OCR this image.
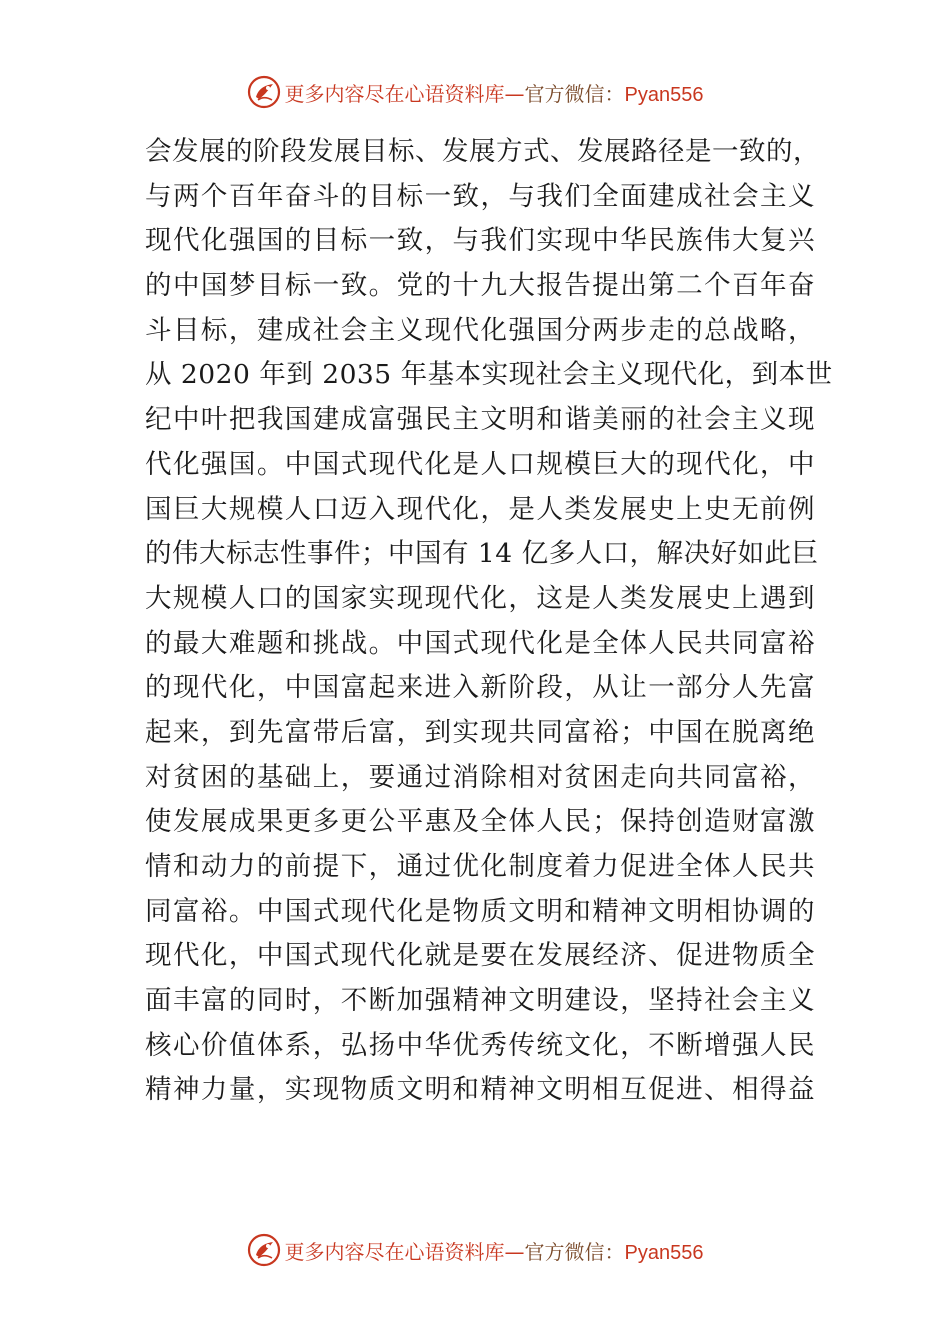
更多内容尽在心语资料库—官方微信：Pyan556
会发展的阶段发展目标、发展方式、发展路径是一致的，
与两个百年奋斗的目标一致，与我们全面建成社会主义
现代化强国的目标一致，与我们实现中华民族伟大复兴
的中国梦目标一致。党的十九大报告提出第二个百年奋
斗目标，建成社会主义现代化强国分两步走的总战略，
从 2020 年到 2035 年基本实现社会主义现代化，到本世
纪中叶把我国建成富强民主文明和谐美丽的社会主义现
代化强国。中国式现代化是人口规模巨大的现代化，中
国巨大规模人口迈入现代化，是人类发展史上史无前例
的伟大标志性事件；中国有 14 亿多人口，解决好如此巨
大规模人口的国家实现现代化，这是人类发展史上遇到
的最大难题和挑战。中国式现代化是全体人民共同富裕
的现代化，中国富起来进入新阶段，从让一部分人先富
起来，到先富带后富，到实现共同富裕；中国在脱离绝
对贫困的基础上，要通过消除相对贫困走向共同富裕，
使发展成果更多更公平惠及全体人民；保持创造财富激
情和动力的前提下，通过优化制度着力促进全体人民共
同富裕。中国式现代化是物质文明和精神文明相协调的
现代化，中国式现代化就是要在发展经济、促进物质全
面丰富的同时，不断加强精神文明建设，坚持社会主义
核心价值体系，弘扬中华优秀传统文化，不断增强人民
精神力量，实现物质文明和精神文明相互促进、相得益
更多内容尽在心语资料库—官方微信：Pyan556
